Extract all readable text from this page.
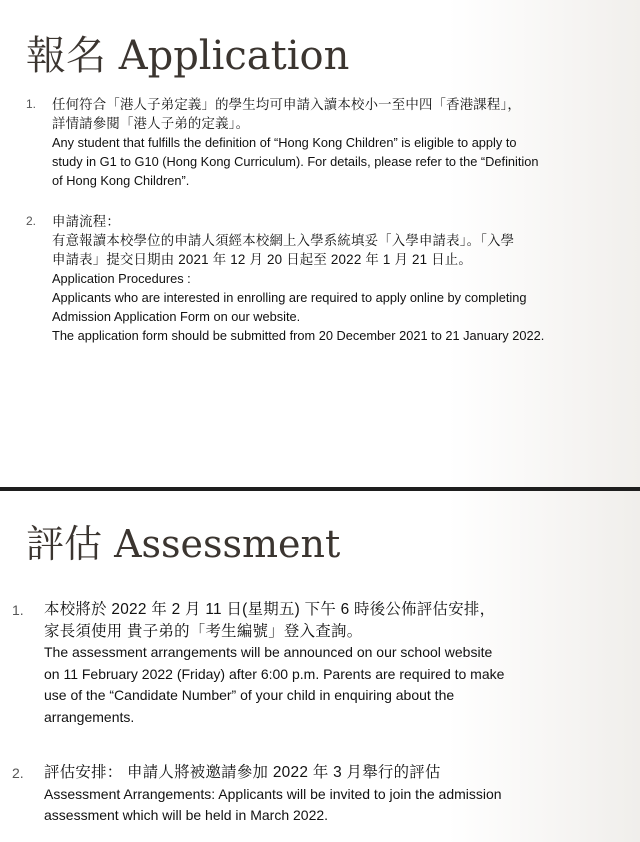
報名 Application
1. 任何符合「港人子弟定義」的學生均可申請入讀本校小一至中四「香港課程」，
詳情請參閱「港人子弟的定義」。
Any student that fulfills the definition of “Hong Kong Children” is eligible to apply to
study in G1 to G10 (Hong Kong Curriculum). For details, please refer to the “Definition
of Hong Kong Children”.
2. 申請流程：
有意報讀本校學位的申請人須經本校網上入學系統填妥「入學申請表」。「入學
申請表」提交日期由 2021 年 12 月 20 日起至 2022 年 1 月 21 日止。
Application Procedures :
Applicants who are interested in enrolling are required to apply online by completing
Admission Application Form on our website.
The application form should be submitted from 20 December 2021 to 21 January 2022.
評估 Assessment
1. 本校將於 2022 年 2 月 11 日(星期五) 下午 6 時後公佈評估安排，
家長須使用 貴子弟的「考生編號」登入查詢。
The assessment arrangements will be announced on our school website
on 11 February 2022 (Friday) after 6:00 p.m. Parents are required to make
use of the “Candidate Number” of your child in enquiring about the
arrangements.
2. 評估安排： 申請人將被邀請參加 2022 年 3 月舉行的評估
Assessment Arrangements: Applicants will be invited to join the admission
assessment which will be held in March 2022.
